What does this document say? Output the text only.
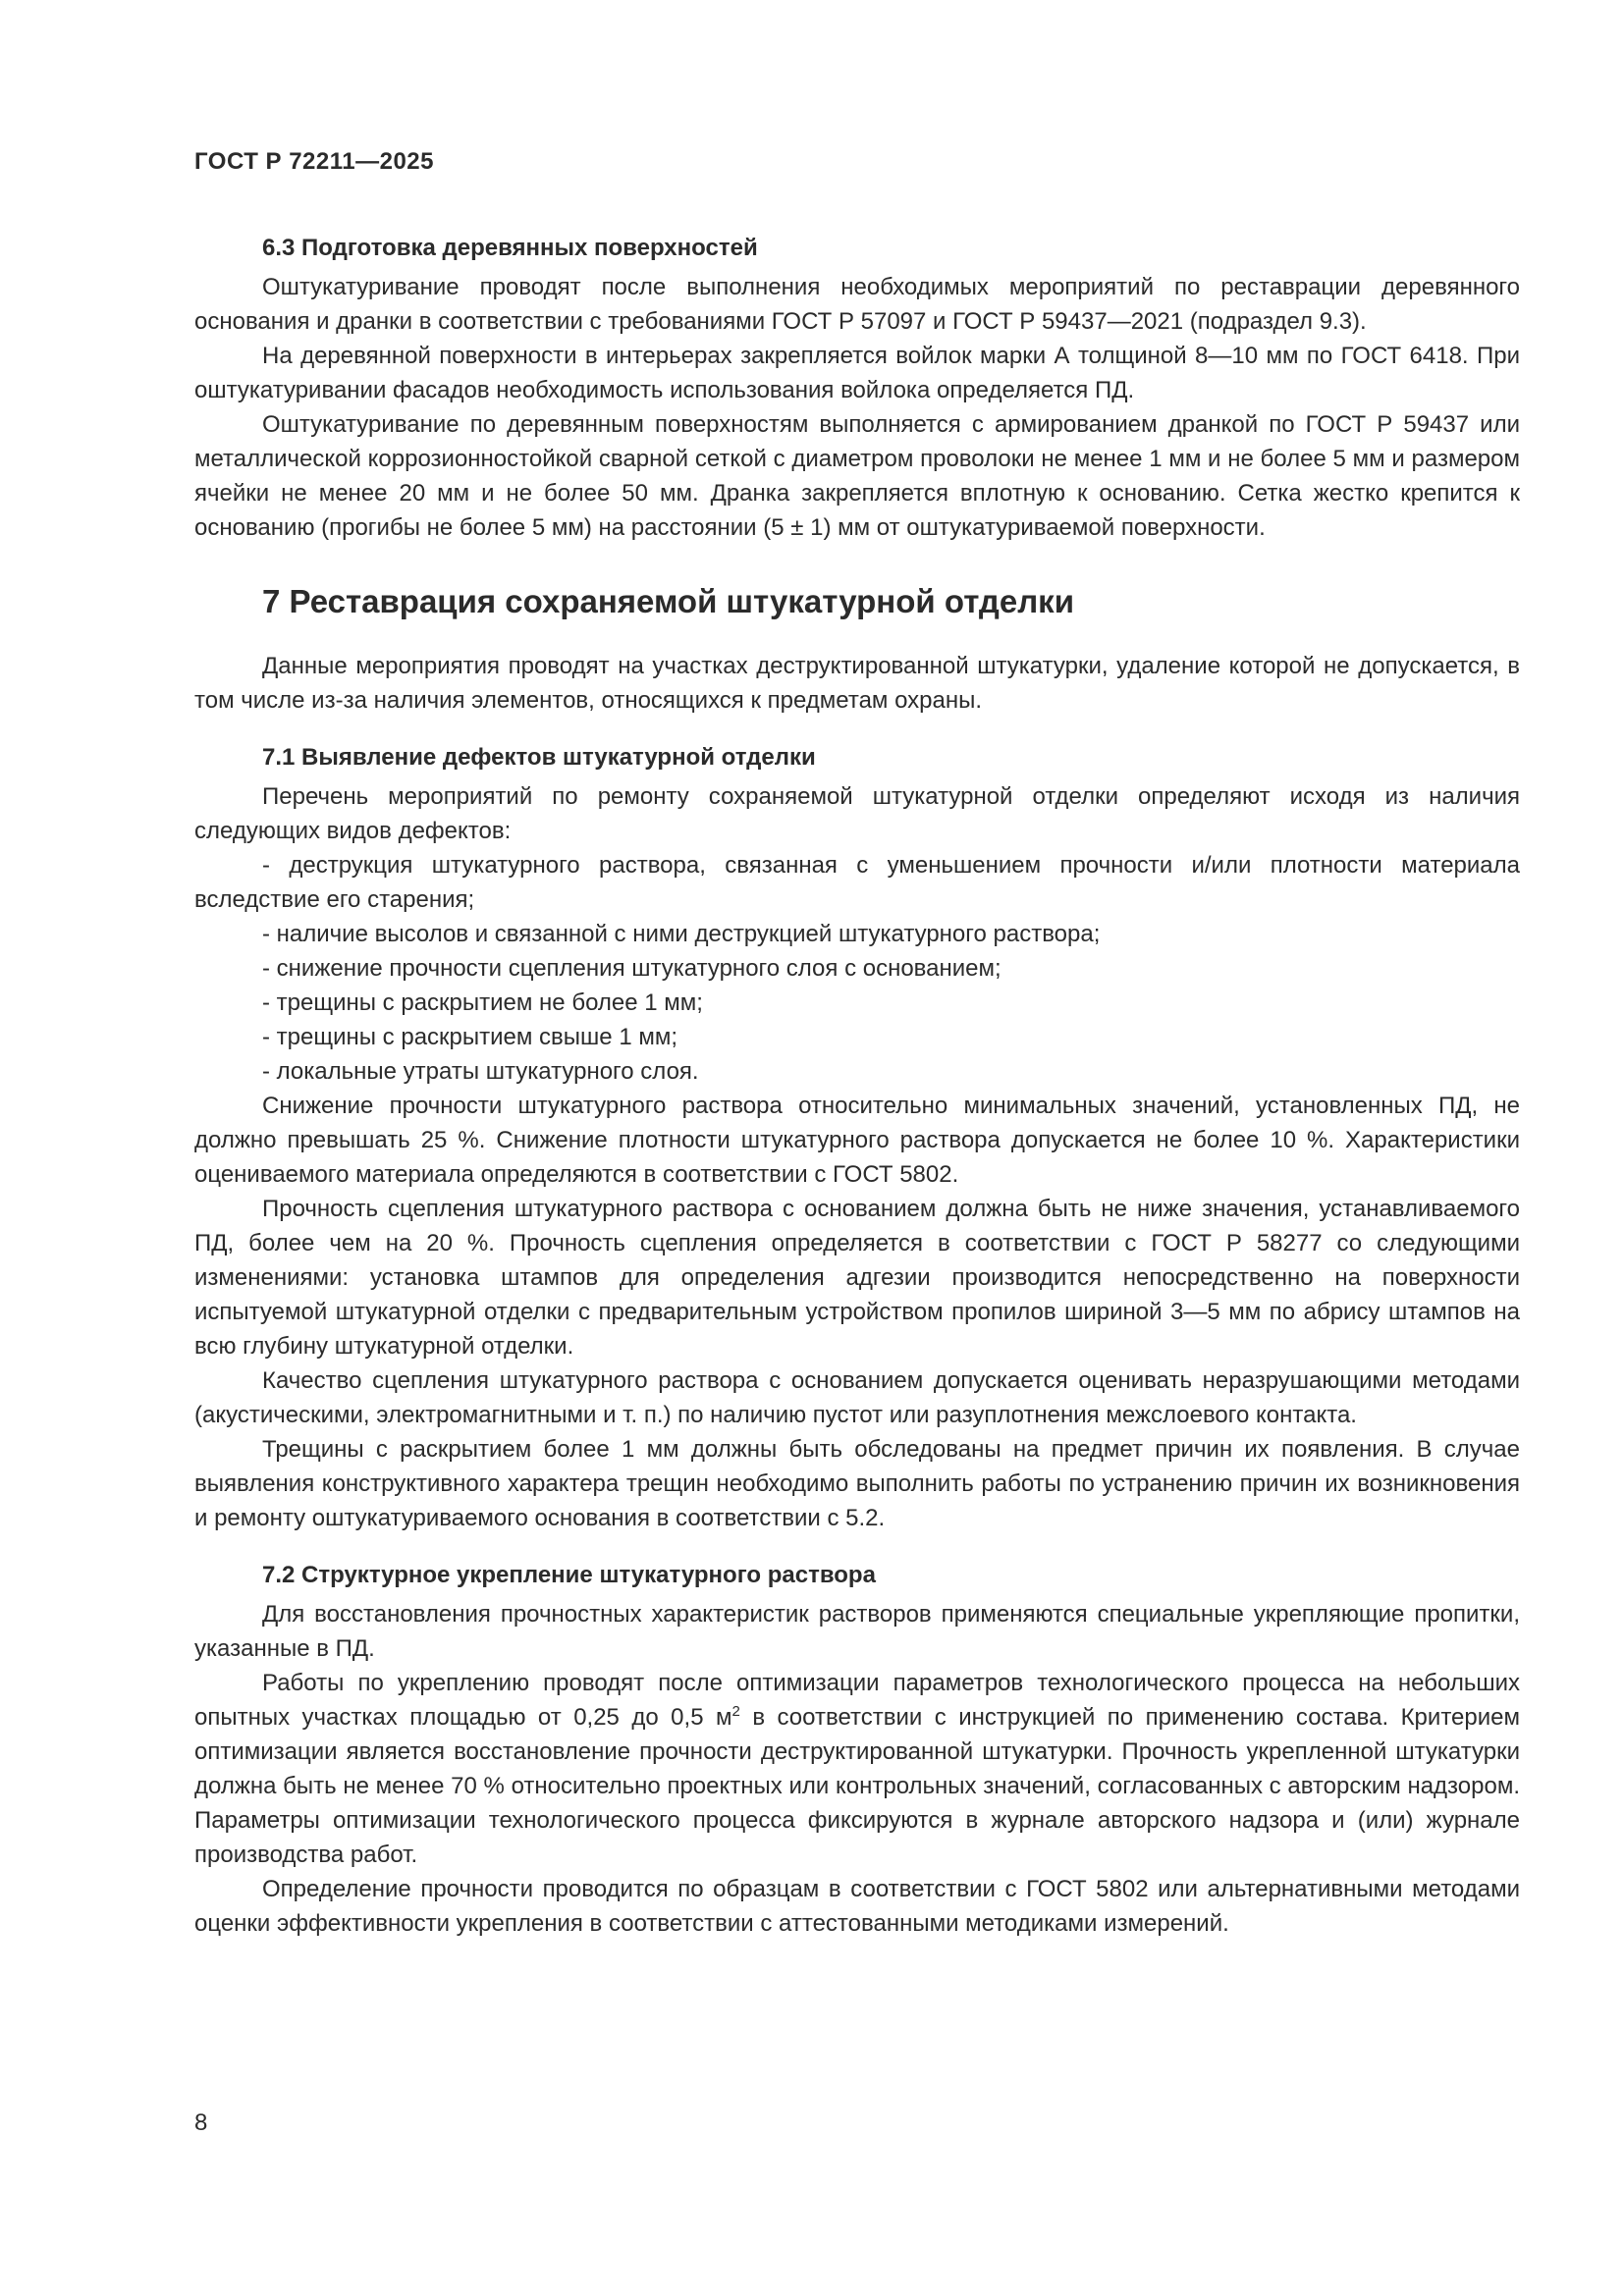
ГОСТ Р 72211—2025
6.3 Подготовка деревянных поверхностей

Оштукатуривание проводят после выполнения необходимых мероприятий по реставрации деревянного основания и дранки в соответствии с требованиями ГОСТ Р 57097 и ГОСТ Р 59437—2021 (подраздел 9.3).

На деревянной поверхности в интерьерах закрепляется войлок марки А толщиной 8—10 мм по ГОСТ 6418. При оштукатуривании фасадов необходимость использования войлока определяется ПД.

Оштукатуривание по деревянным поверхностям выполняется с армированием дранкой по ГОСТ Р 59437 или металлической коррозионностойкой сварной сеткой с диаметром проволоки не менее 1 мм и не более 5 мм и размером ячейки не менее 20 мм и не более 50 мм. Дранка закрепляется вплотную к основанию. Сетка жестко крепится к основанию (прогибы не более 5 мм) на расстоянии (5 ± 1) мм от оштукатуриваемой поверхности.

7 Реставрация сохраняемой штукатурной отделки

Данные мероприятия проводят на участках деструктированной штукатурки, удаление которой не допускается, в том числе из-за наличия элементов, относящихся к предметам охраны.

7.1 Выявление дефектов штукатурной отделки

Перечень мероприятий по ремонту сохраняемой штукатурной отделки определяют исходя из наличия следующих видов дефектов:

- деструкция штукатурного раствора, связанная с уменьшением прочности и/или плотности материала вследствие его старения;
- наличие высолов и связанной с ними деструкцией штукатурного раствора;
- снижение прочности сцепления штукатурного слоя с основанием;
- трещины с раскрытием не более 1 мм;
- трещины с раскрытием свыше 1 мм;
- локальные утраты штукатурного слоя.

Снижение прочности штукатурного раствора относительно минимальных значений, установленных ПД, не должно превышать 25 %. Снижение плотности штукатурного раствора допускается не более 10 %. Характеристики оцениваемого материала определяются в соответствии с ГОСТ 5802.

Прочность сцепления штукатурного раствора с основанием должна быть не ниже значения, устанавливаемого ПД, более чем на 20 %. Прочность сцепления определяется в соответствии с ГОСТ Р 58277 со следующими изменениями: установка штампов для определения адгезии производится непосредственно на поверхности испытуемой штукатурной отделки с предварительным устройством пропилов шириной 3—5 мм по абрису штампов на всю глубину штукатурной отделки.

Качество сцепления штукатурного раствора с основанием допускается оценивать неразрушающими методами (акустическими, электромагнитными и т. п.) по наличию пустот или разуплотнения межслоевого контакта.

Трещины с раскрытием более 1 мм должны быть обследованы на предмет причин их появления. В случае выявления конструктивного характера трещин необходимо выполнить работы по устранению причин их возникновения и ремонту оштукатуриваемого основания в соответствии с 5.2.

7.2 Структурное укрепление штукатурного раствора

Для восстановления прочностных характеристик растворов применяются специальные укрепляющие пропитки, указанные в ПД.

Работы по укреплению проводят после оптимизации параметров технологического процесса на небольших опытных участках площадью от 0,25 до 0,5 $м^2$ в соответствии с инструкцией по применению состава. Критерием оптимизации является восстановление прочности деструктированной штукатурки. Прочность укрепленной штукатурки должна быть не менее 70 % относительно проектных или контрольных значений, согласованных с авторским надзором. Параметры оптимизации технологического процесса фиксируются в журнале авторского надзора и (или) журнале производства работ.

Определение прочности проводится по образцам в соответствии с ГОСТ 5802 или альтернативными методами оценки эффективности укрепления в соответствии с аттестованными методиками измерений.

8
